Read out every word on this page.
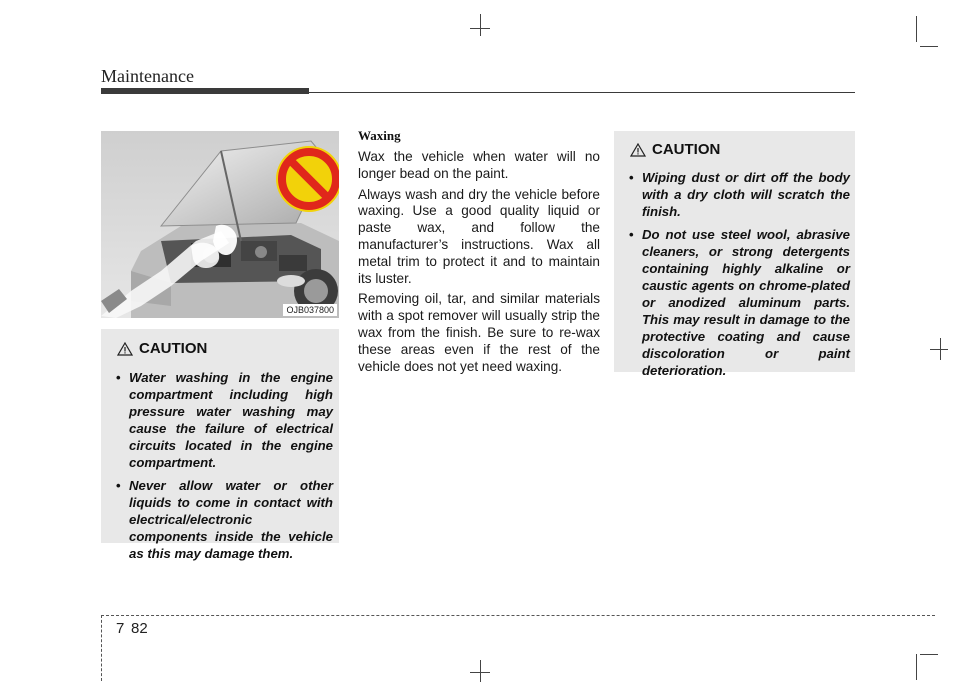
Maintenance
OJB037800
CAUTION
• Water washing in the engine compartment including high pressure water washing may cause the failure of electrical circuits located in the engine compartment.
• Never allow water or other liquids to come in contact with electrical/electronic components inside the vehicle as this may damage them.
Waxing

Wax the vehicle when water will no longer bead on the paint.

Always wash and dry the vehicle before waxing. Use a good quality liquid or paste wax, and follow the manufacturer’s instructions. Wax all metal trim to protect it and to maintain its luster.

Removing oil, tar, and similar materials with a spot remover will usually strip the wax from the finish. Be sure to re-wax these areas even if the rest of the vehicle does not yet need waxing.

CAUTION
• Wiping dust or dirt off the body with a dry cloth will scratch the finish.
• Do not use steel wool, abrasive cleaners, or strong detergents containing highly alkaline or caustic agents on chrome-plated or anodized aluminum parts. This may result in damage to the protective coating and cause discoloration or paint deterioration.
7 82
